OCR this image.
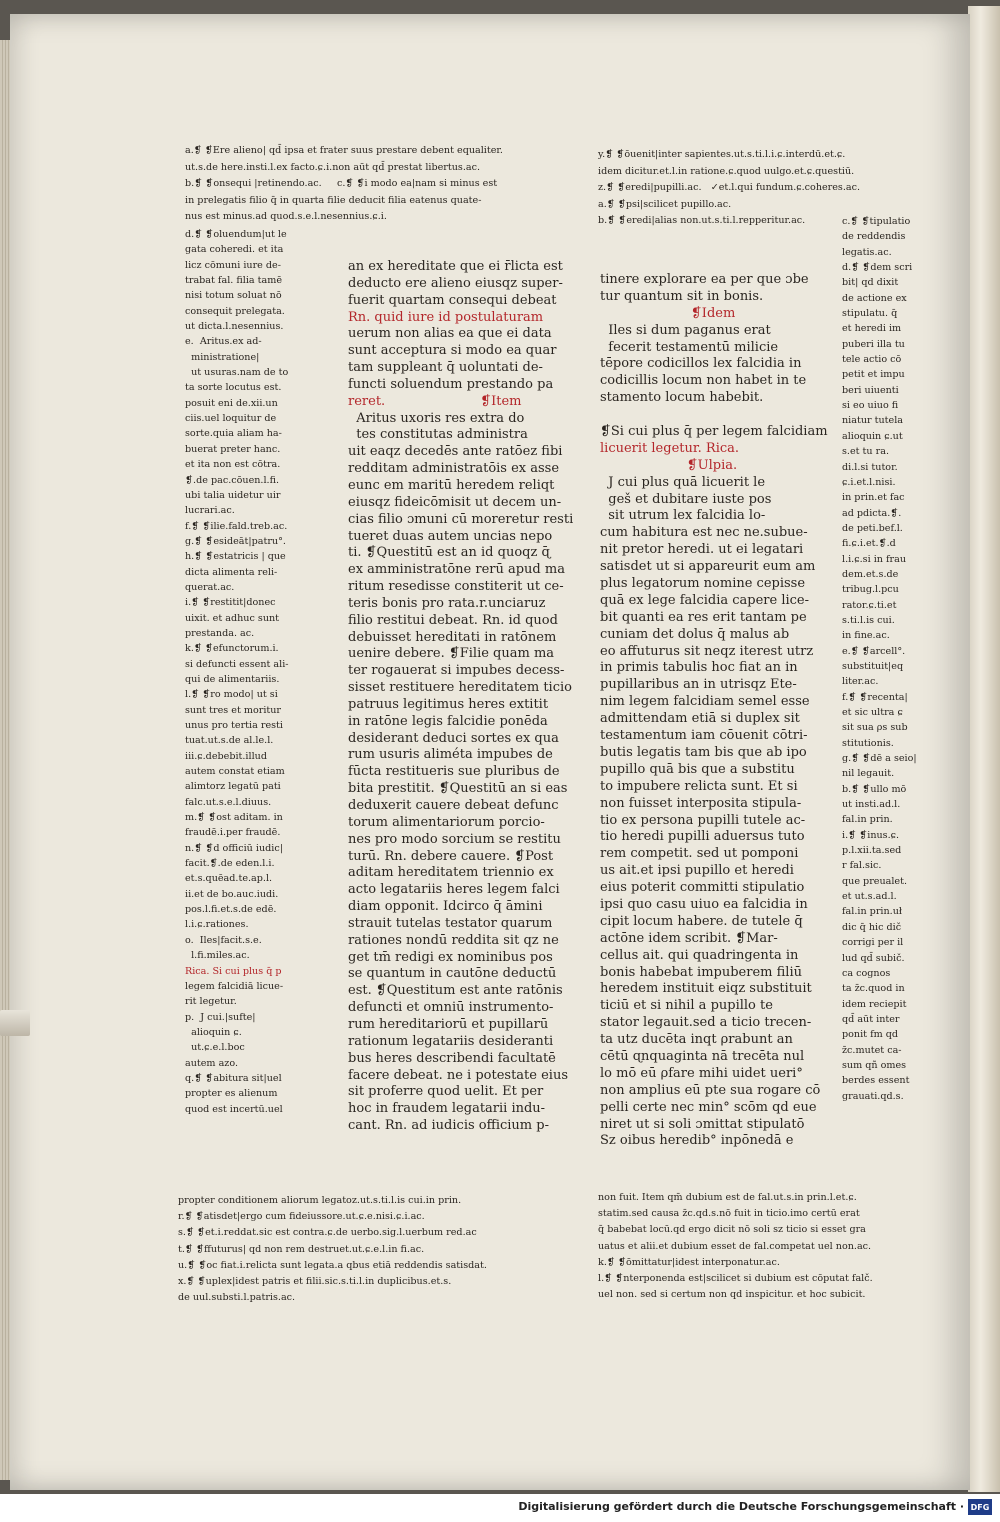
a.❡ ❡Ere alieno| qd̄ ipsa et frater suus prestare debent equaliter.
ut.s.de here.insti.l.ex facto.ɕ.i.non aūt qd̄ prestat libertus.ac.
b.❡ ❡onsequi |retinendo.ac.     c.❡ ❡i modo ea|nam si minus est
in prelegatis filio q̄ in quarta filie deducit filia eatenus quate-
nus est minus.ad quod.s.e.l.nesennius.ɕ.i.
y.❡ ❡ōuenit|inter sapientes.ut.s.ti.l.i.ɕ.interdū.et.ɕ.
idem dicitur.et.l.in ratione.ɕ.quod uulgo.et.ɕ.questiū.
z.❡ ❡eredi|pupilli.ac.   ✓et.l.qui fundum.ɕ.coheres.ac.
a.❡ ❡psi|scilicet pupillo.ac.
b.❡ ❡eredi|alias non.ut.s.ti.l.repperitur.ac.
d.❡ ❡oluendum|ut le
gata coheredi. et ita
licz cōmuni iure de-
trabat fal. filia tamē
nisi totum soluat nō
consequit prelegata.
ut dicta.l.nesennius.
e.  Aritus.ex ad-
ministratione|
ut usuras.nam de to
ta sorte locutus est.
posuit eni de.xii.un
ciis.uel loquitur de
sorte.quia aliam ha-
buerat preter hanc.
et ita non est cōtra.
❡.de pac.cōuen.l.fi.
ubi talia uidetur uir
lucrari.ac.
f.❡ ❡ilie.fald.treb.ac.
g.❡ ❡esideāt|patru°.
h.❡ ❡estatricis | que
dicta alimenta reli-
querat.ac.
i.❡ ❡restitit|donec
uixit. et adhuc sunt
prestanda. ac.
k.❡ ❡efunctorum.i.
si defuncti essent ali-
qui de alimentariis.
l.❡ ❡ro modo| ut si
sunt tres et moritur
unus pro tertia resti
tuat.ut.s.de al.le.l.
iii.ɕ.debebit.illud
autem constat etiam
alimtorz legatū pati
falc.ut.s.e.l.diuus.
m.❡ ❡ost aditam. in
fraudē.i.per fraudē.
n.❡ ❡d officiū iudic|
facit.❡.de eden.l.i.
et.s.quēad.te.ap.l.
ii.et de bo.auc.iudi.
pos.l.fi.et.s.de edē.
l.i.ɕ.rationes.
o.  Iles|facit.s.e.
l.fi.miles.ac.
Rica. Si cui plus q̄ p
legem falcidiā licue-
rit legetur.
p.  J cui.|sufte|
alioquin ɕ.
ut.ɕ.e.l.boc
autem azo.
q.❡ ❡abitura sit|uel
propter es alienum
quod est incertū.uel
an ex hereditate que ei r̄licta est
deducto ere alieno eiusqz super-
fuerit quartam consequi debeat
Rn. quid iure id postulaturam
uerum non alias ea que ei data
sunt acceptura si modo ea quar
tam suppleant q̄ uoluntati de-
functi soluendum prestando pa
reret.                       ❡Item
Aritus uxoris res extra do
tes constitutas administra
uit eaqz decedēs ante ratōez fibi
redditam administratōis ex asse
eunc em maritū heredem reliqt
eiusqz fideicōmisit ut decem un-
cias filio ɔmuni cū moreretur resti
tueret duas autem uncias nepo
ti. ❡Questitū est an id quoqz ɋ̄
ex amministratōne rerū apud ma
ritum resedisse constiterit ut ce-
teris bonis pro rata.r.unciaruz
filio restitui debeat. Rn. id quod
debuisset hereditati in ratōnem
uenire debere. ❡Filie quam ma
ter rogauerat si impubes decess-
sisset restituere hereditatem ticio
patruus legitimus heres extitit
in ratōne legis falcidie ponēda
desiderant deduci sortes ex qua
rum usuris aliméta impubes de
fūcta restitueris sue pluribus de
bita prestitit. ❡Questitū an si eas
deduxerit cauere debeat defunc
torum alimentariorum porcio-
nes pro modo sorcium se restitu
turū. Rn. debere cauere. ❡Post
aditam hereditatem triennio ex
acto legatariis heres legem falci
diam opponit. Idcirco q̄ āmini
strauit tutelas testator quarum
rationes nondū reddita sit qz ne
get tm̄ redigi ex nominibus pos
se quantum in cautōne deductū
est. ❡Questitum est ante ratōnis
defuncti et omniū instrumento-
rum hereditariorū et pupillarū
rationum legatariis desideranti
bus heres describendi facultatē
facere debeat. ne i potestate eius
sit proferre quod uelit. Et per
hoc in fraudem legatarii indu-
cant. Rn. ad iudicis officium p-
tinere explorare ea per que ɔbe
tur quantum sit in bonis.
❡Idem
Iles si dum paganus erat
fecerit testamentū milicie
tēpore codicillos lex falcidia in
codicillis locum non habet in te
stamento locum habebit.
❡Si cui plus q̄ per legem falcidiam
licuerit legetur. Rica.
❡Ulpia.
J cui plus quā licuerit le
geš et dubitare iuste pos
sit utrum lex falcidia lo-
cum habitura est nec ne.subue-
nit pretor heredi. ut ei legatari
satisdet ut si appareurit eum am
plus legatorum nomine cepisse
quā ex lege falcidia capere lice-
bit quanti ea res erit tantam pe
cuniam det dolus q̄ malus ab
eo affuturus sit neqz iterest utrz
in primis tabulis hoc fiat an in
pupillaribus an in utrisqz Ete-
nim legem falcidiam semel esse
admittendam etiā si duplex sit
testamentum iam cōuenit cōtri-
butis legatis tam bis que ab ipo
pupillo quā bis que a substitu
to impubere relicta sunt. Et si
non fuisset interposita stipula-
tio ex persona pupilli tutele ac-
tio heredi pupilli aduersus tuto
rem competit. sed ut pomponi
us ait.et ipsi pupillo et heredi
eius poterit committi stipulatio
ipsi quo casu uiuo ea falcidia in
cipit locum habere. de tutele q̄
actōne idem scribit. ❡Mar-
cellus ait. qui quadringenta in
bonis habebat impuberem filiū
heredem instituit eiqz substituit
ticiū et si nihil a pupillo te
stator legauit.sed a ticio trecen-
ta utz ducēta inqt ρrabunt an
cētū ɋnquaginta nā trecēta nul
lo mō eū ρfare mihi uidet ueri°
non amplius eū pte sua rogare cō
pelli certe nec min° scōm qd eue
niret ut si soli ɔmittat stipulatō
Sz oibus heredib° inpōnedā e
c.❡ ❡tipulatio
de reddendis
legatis.ac.
d.❡ ❡dem scri
bit| qd dixit
de actione ex
stipulatu. q̄
et heredi im
puberi illa tu
tele actio cō
petit et impu
beri uiuenti
si eo uiuo fi
niatur tutela
alioquin ɕ.ut
s.et tu ra.
di.l.si tutor.
ɕ.i.et.l.nisi.
in prin.et fac
ad pdicta.❡.
de peti.bef.l.
fi.ɕ.i.et.❡.d
l.i.ɕ.si in frau
dem.et.s.de
tribug.l.pcu
rator.ɕ.ti.et
s.ti.l.is cui.
in fine.ac.
e.❡ ❡arcell°.
substituit|eq
liter.ac.
f.❡ ❡recenta|
et sic ultra ɕ
sit sua ρs sub
stitutionis.
g.❡ ❡dē a seio|
nil legauit.
b.❡ ❡ullo mō
ut insti.ad.l.
fal.in prin.
i.❡ ❡inus.ɕ.
p.l.xii.ta.sed
r fal.sic.
que preualet.
et ut.s.ad.l.
fal.in prin.uł
dic q̄ hic dič
corrigi per il
lud qd̄ subič.
ca cognos
ta z̄c.quod in
idem reciepit
qd̄ aūt inter
ponit fm qd
z̄c.mutet ca-
sum qñ omes
berdes essent
grauati.qd.s.
propter conditionem aliorum legatoz.ut.s.ti.l.is cui.in prin.
r.❡ ❡atisdet|ergo cum fideiussore.ut.ɕ.e.nisi.ɕ.i.ac.
s.❡ ❡et.i.reddat.sic est contra.ɕ.de uerbo.sig.l.uerbum red.ac
t.❡ ❡ffuturus| qd non rem destruet.ut.ɕ.e.l.in fi.ac.
u.❡ ❡oc fiat.i.relicta sunt legata.a qbus etiā reddendis satisdat.
x.❡ ❡uplex|idest patris et filii.sic.s.ti.l.in duplicibus.et.s.
de uul.substi.l.patris.ac.
non fuit. Item qm̄ dubium est de fal.ut.s.in prin.l.et.ɕ.
statim.sed causa z̄c.qd.s.nō fuit in ticio.imo certū erat
q̄ babebat locū.qd ergo dicit nō soli sz ticio si esset gra
uatus et alii.et dubium esset de fal.competat uel non.ac.
k.❡ ❡ōmittatur|idest interponatur.ac.
l.❡ ❡nterponenda est|scilicet si dubium est cōputat falč.
uel non. sed si certum non qd inspicitur. et hoc subicit.
Digitalisierung gefördert durch die Deutsche Forschungsgemeinschaft · DFG
